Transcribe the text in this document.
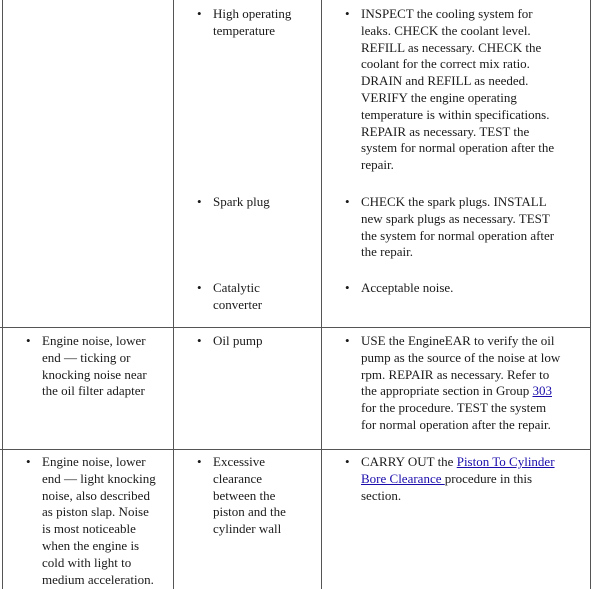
• High operating
temperature
• INSPECT the cooling system for
leaks. CHECK the coolant level.
REFILL as necessary. CHECK the
coolant for the correct mix ratio.
DRAIN and REFILL as needed.
VERIFY the engine operating
temperature is within specifications.
REPAIR as necessary. TEST the
system for normal operation after the
repair.
• Spark plug	• CHECK the spark plugs. INSTALL
new spark plugs as necessary. TEST
the system for normal operation after
the repair.
• Catalytic
converter
• Acceptable noise.
• Engine noise, lower
end — ticking or
knocking noise near
the oil filter adapter
• Oil pump	• USE the EngineEAR to verify the oil
pump as the source of the noise at low
rpm. REPAIR as necessary. Refer to
the appropriate section in Group 303
for the procedure. TEST the system
for normal operation after the repair.
• Engine noise, lower
end — light knocking
noise, also described
as piston slap. Noise
is most noticeable
when the engine is
cold with light to
medium acceleration.
• Excessive
clearance
between the
piston and the
cylinder wall
• CARRY OUT the Piston To Cylinder
Bore Clearance procedure in this
section.
